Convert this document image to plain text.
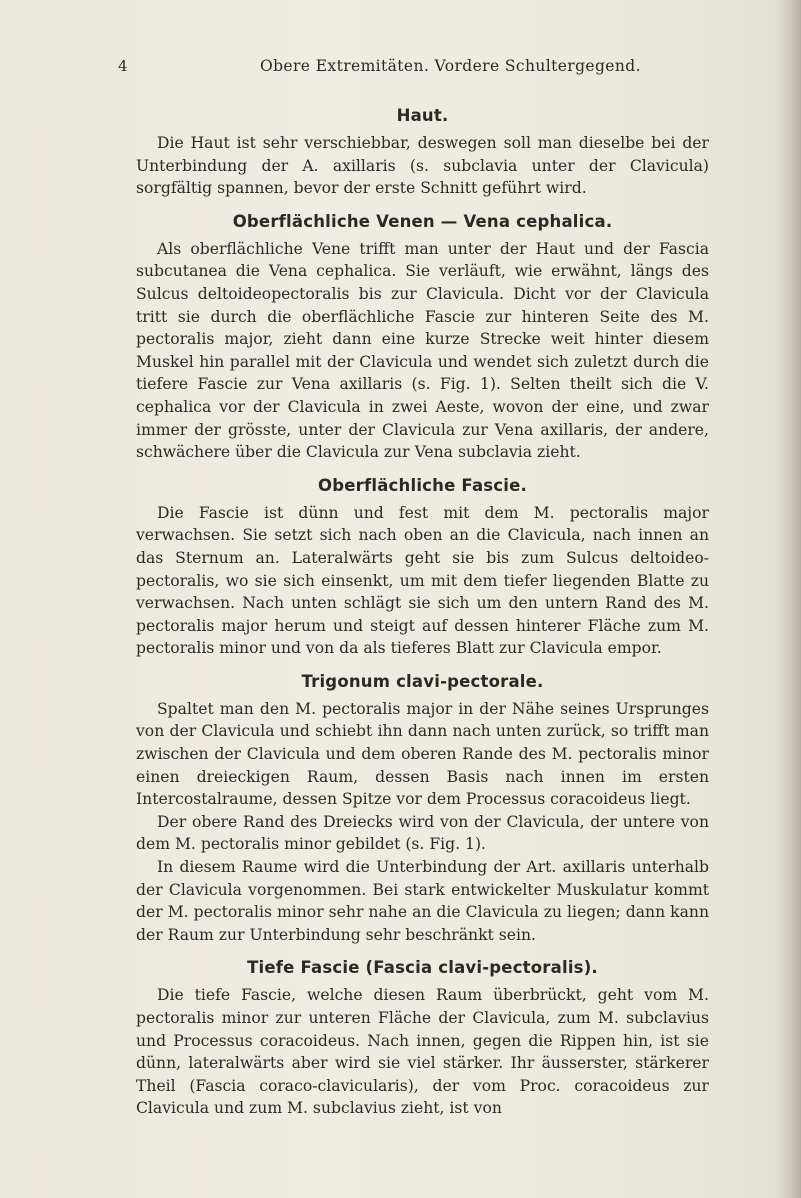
4	Obere Extremitäten. Vordere Schultergegend.
Haut.

Die Haut ist sehr verschiebbar, deswegen soll man dieselbe bei der Unterbindung der A. axillaris (s. subclavia unter der Clavicula) sorgfältig spannen, bevor der erste Schnitt geführt wird.

Oberflächliche Venen — Vena cephalica.

Als oberflächliche Vene trifft man unter der Haut und der Fascia subcutanea die Vena cephalica. Sie verläuft, wie erwähnt, längs des Sulcus deltoideopectoralis bis zur Clavicula. Dicht vor der Clavicula tritt sie durch die oberflächliche Fascie zur hinteren Seite des M. pectoralis major, zieht dann eine kurze Strecke weit hinter diesem Muskel hin parallel mit der Clavicula und wendet sich zuletzt durch die tiefere Fascie zur Vena axillaris (s. Fig. 1). Selten theilt sich die V. cephalica vor der Clavicula in zwei Aeste, wovon der eine, und zwar immer der grösste, unter der Clavicula zur Vena axillaris, der andere, schwächere über die Clavicula zur Vena subclavia zieht.

Oberflächliche Fascie.

Die Fascie ist dünn und fest mit dem M. pectoralis major verwachsen. Sie setzt sich nach oben an die Clavicula, nach innen an das Sternum an. Lateralwärts geht sie bis zum Sulcus deltoideo-pectoralis, wo sie sich einsenkt, um mit dem tiefer liegenden Blatte zu verwachsen. Nach unten schlägt sie sich um den untern Rand des M. pectoralis major herum und steigt auf dessen hinterer Fläche zum M. pectoralis minor und von da als tieferes Blatt zur Clavicula empor.

Trigonum clavi-pectorale.

Spaltet man den M. pectoralis major in der Nähe seines Ursprunges von der Clavicula und schiebt ihn dann nach unten zurück, so trifft man zwischen der Clavicula und dem oberen Rande des M. pectoralis minor einen dreieckigen Raum, dessen Basis nach innen im ersten Intercostalraume, dessen Spitze vor dem Processus coracoideus liegt.

Der obere Rand des Dreiecks wird von der Clavicula, der untere von dem M. pectoralis minor gebildet (s. Fig. 1).

In diesem Raume wird die Unterbindung der Art. axillaris unterhalb der Clavicula vorgenommen. Bei stark entwickelter Muskulatur kommt der M. pectoralis minor sehr nahe an die Clavicula zu liegen; dann kann der Raum zur Unterbindung sehr beschränkt sein.

Tiefe Fascie (Fascia clavi-pectoralis).

Die tiefe Fascie, welche diesen Raum überbrückt, geht vom M. pectoralis minor zur unteren Fläche der Clavicula, zum M. subclavius und Processus coracoideus. Nach innen, gegen die Rippen hin, ist sie dünn, lateralwärts aber wird sie viel stärker. Ihr äusserster, stärkerer Theil (Fascia coraco-clavicularis), der vom Proc. coracoideus zur Clavicula und zum M. subclavius zieht, ist von
